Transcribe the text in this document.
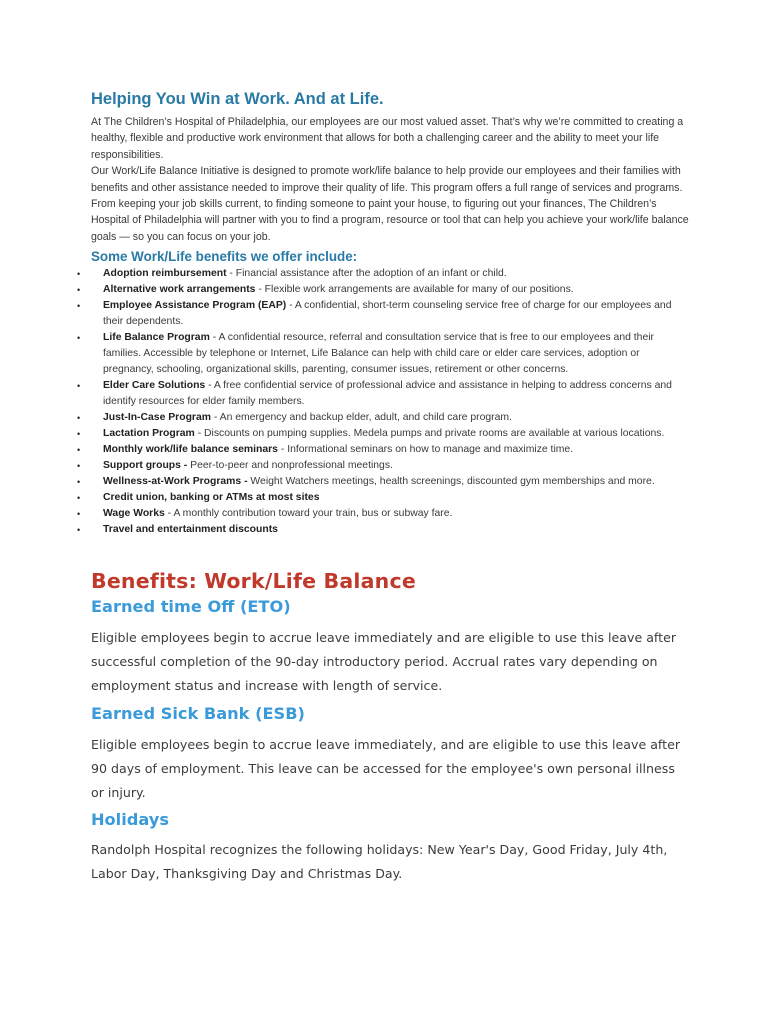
Helping You Win at Work. And at Life.

At The Children’s Hospital of Philadelphia, our employees are our most valued asset. That’s why we’re committed to creating a healthy, flexible and productive work environment that allows for both a challenging career and the ability to meet your life responsibilities.

Our Work/Life Balance Initiative is designed to promote work/life balance to help provide our employees and their families with benefits and other assistance needed to improve their quality of life. This program offers a full range of services and programs. From keeping your job skills current, to finding someone to paint your house, to figuring out your finances, The Children’s Hospital of Philadelphia will partner with you to find a program, resource or tool that can help you achieve your work/life balance goals — so you can focus on your job.

Some Work/Life benefits we offer include:
•	Adoption reimbursement - Financial assistance after the adoption of an infant or child.
•	Alternative work arrangements - Flexible work arrangements are available for many of our positions.
•	Employee Assistance Program (EAP) - A confidential, short-term counseling service free of charge for our employees and their dependents.
•	Life Balance Program - A confidential resource, referral and consultation service that is free to our employees and their families. Accessible by telephone or Internet, Life Balance can help with child care or elder care services, adoption or pregnancy, schooling, organizational skills, parenting, consumer issues, retirement or other concerns.
•	Elder Care Solutions - A free confidential service of professional advice and assistance in helping to address concerns and identify resources for elder family members.
•	Just-In-Case Program - An emergency and backup elder, adult, and child care program.
•	Lactation Program - Discounts on pumping supplies. Medela pumps and private rooms are available at various locations.
•	Monthly work/life balance seminars - Informational seminars on how to manage and maximize time.
•	Support groups - Peer-to-peer and nonprofessional meetings.
•	Wellness-at-Work Programs - Weight Watchers meetings, health screenings, discounted gym memberships and more.
•	Credit union, banking or ATMs at most sites
•	Wage Works - A monthly contribution toward your train, bus or subway fare.
•	Travel and entertainment discounts
Benefits: Work/Life Balance
Earned time Off (ETO)

Eligible employees begin to accrue leave immediately and are eligible to use this leave after successful completion of the 90-day introductory period. Accrual rates vary depending on employment status and increase with length of service.

Earned Sick Bank (ESB)

Eligible employees begin to accrue leave immediately, and are eligible to use this leave after 90 days of employment. This leave can be accessed for the employee's own personal illness or injury.

Holidays

Randolph Hospital recognizes the following holidays: New Year's Day, Good Friday, July 4th, Labor Day, Thanksgiving Day and Christmas Day.
